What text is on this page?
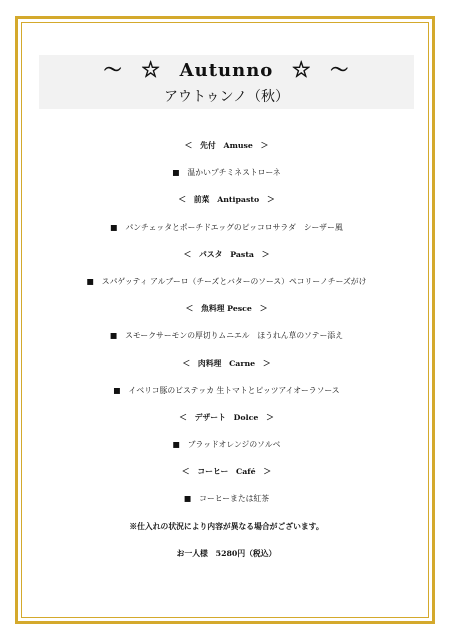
～　☆　Autunno　☆　～
アウトゥンノ（秋）
＜　先付　Amuse　＞
■　温かいプチミネストローネ
＜　前菜　Antipasto　＞
■　パンチェッタとポーチドエッグのピッコロサラダ　シーザー風
＜　パスタ　Pasta　＞
■　スパゲッティ アルブーロ（チーズとバターのソース）ペコリーノチーズがけ
＜　魚料理 Pesce　＞
■　スモークサーモンの厚切りムニエル　ほうれん草のソテー添え
＜　肉料理　Carne　＞
■　イベリコ豚のビステッカ 生トマトとピッツアイオーラソース
＜　デザート　Dolce　＞
■　ブラッドオレンジのソルベ
＜　コーヒー　Café　＞
■　コーヒーまたは紅茶
※仕入れの状況により内容が異なる場合がございます。
お一人様　5280円（税込）
